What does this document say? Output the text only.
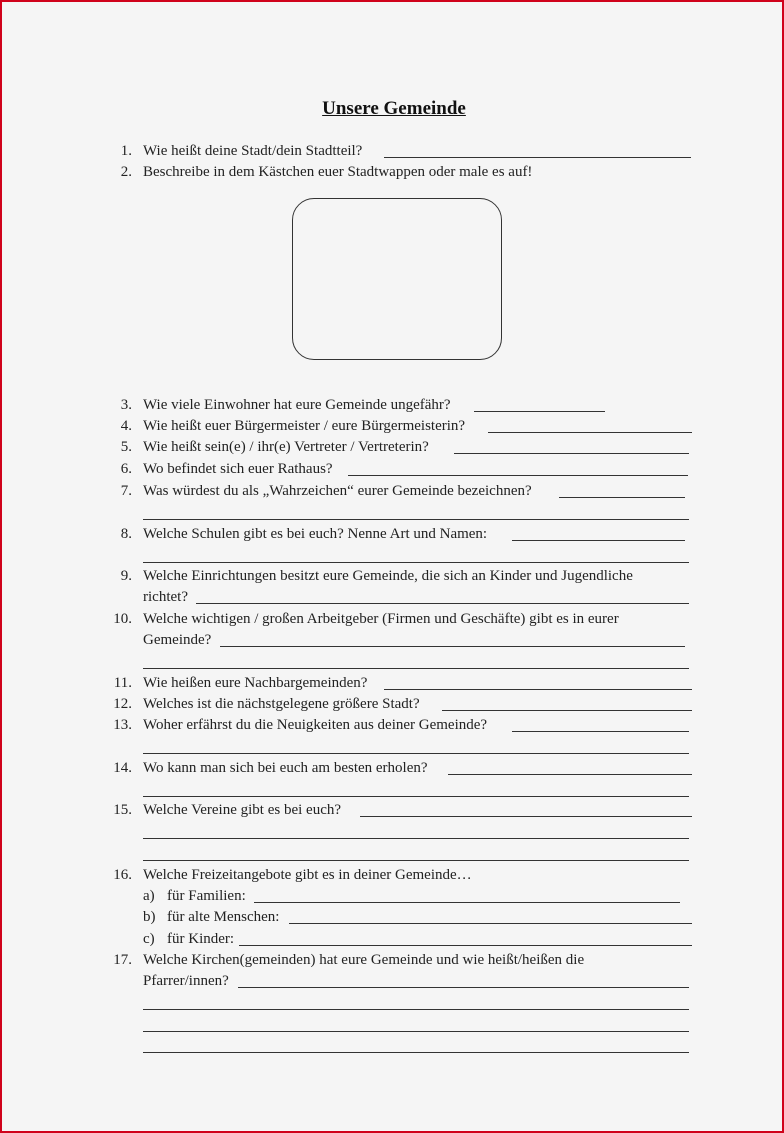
Unsere Gemeinde
1. Wie heißt deine Stadt/dein Stadtteil?
2. Beschreibe in dem Kästchen euer Stadtwappen oder male es auf!
3. Wie viele Einwohner hat eure Gemeinde ungefähr?
4. Wie heißt euer Bürgermeister / eure Bürgermeisterin?
5. Wie heißt sein(e) / ihr(e) Vertreter / Vertreterin?
6. Wo befindet sich euer Rathaus?
7. Was würdest du als „Wahrzeichen“ eurer Gemeinde bezeichnen?
8. Welche Schulen gibt es bei euch? Nenne Art und Namen:
9. Welche Einrichtungen besitzt eure Gemeinde, die sich an Kinder und Jugendliche
richtet?
10. Welche wichtigen / großen Arbeitgeber (Firmen und Geschäfte) gibt es in eurer
Gemeinde?
11. Wie heißen eure Nachbargemeinden?
12. Welches ist die nächstgelegene größere Stadt?
13. Woher erfährst du die Neuigkeiten aus deiner Gemeinde?
14. Wo kann man sich bei euch am besten erholen?
15. Welche Vereine gibt es bei euch?
16. Welche Freizeitangebote gibt es in deiner Gemeinde…
a) für Familien:
b) für alte Menschen:
c) für Kinder:
17. Welche Kirchen(gemeinden) hat eure Gemeinde und wie heißt/heißen die
Pfarrer/innen?
